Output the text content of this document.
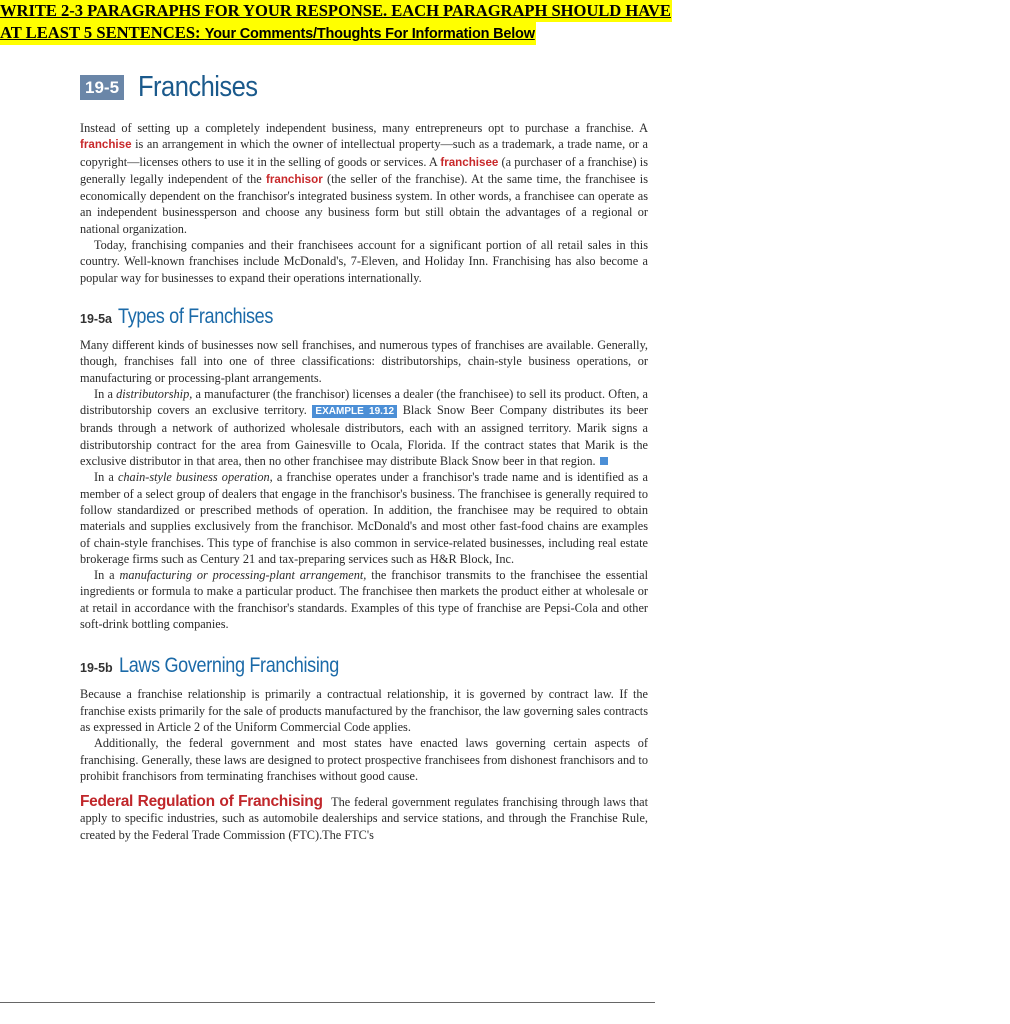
WRITE 2-3 PARAGRAPHS FOR YOUR RESPONSE. EACH PARAGRAPH SHOULD HAVE
AT LEAST 5 SENTENCES: Your Comments/Thoughts For Information Below
19-5 Franchises

Instead of setting up a completely independent business, many entrepreneurs opt to purchase a franchise. A franchise is an arrangement in which the owner of intellectual property—such as a trademark, a trade name, or a copyright—licenses others to use it in the selling of goods or services. A franchisee (a purchaser of a franchise) is generally legally independent of the franchisor (the seller of the franchise). At the same time, the franchisee is economically dependent on the franchisor's integrated business system. In other words, a franchisee can operate as an independent businessperson and choose any business form but still obtain the advantages of a regional or national organization.

Today, franchising companies and their franchisees account for a significant portion of all retail sales in this country. Well-known franchises include McDonald's, 7-Eleven, and Holiday Inn. Franchising has also become a popular way for businesses to expand their operations internationally.

19-5a Types of Franchises

Many different kinds of businesses now sell franchises, and numerous types of franchises are available. Generally, though, franchises fall into one of three classifications: distributorships, chain-style business operations, or manufacturing or processing-plant arrangements.

In a distributorship, a manufacturer (the franchisor) licenses a dealer (the franchisee) to sell its product. Often, a distributorship covers an exclusive territory. EXAMPLE 19.12 Black Snow Beer Company distributes its beer brands through a network of authorized wholesale distributors, each with an assigned territory. Marik signs a distributorship contract for the area from Gainesville to Ocala, Florida. If the contract states that Marik is the exclusive distributor in that area, then no other franchisee may distribute Black Snow beer in that region.

In a chain-style business operation, a franchise operates under a franchisor's trade name and is identified as a member of a select group of dealers that engage in the franchisor's business. The franchisee is generally required to follow standardized or prescribed methods of operation. In addition, the franchisee may be required to obtain materials and supplies exclusively from the franchisor. McDonald's and most other fast-food chains are examples of chain-style franchises. This type of franchise is also common in service-related businesses, including real estate brokerage firms such as Century 21 and tax-preparing services such as H&R Block, Inc.

In a manufacturing or processing-plant arrangement, the franchisor transmits to the franchisee the essential ingredients or formula to make a particular product. The franchisee then markets the product either at wholesale or at retail in accordance with the franchisor's standards. Examples of this type of franchise are Pepsi-Cola and other soft-drink bottling companies.

19-5b Laws Governing Franchising

Because a franchise relationship is primarily a contractual relationship, it is governed by contract law. If the franchise exists primarily for the sale of products manufactured by the franchisor, the law governing sales contracts as expressed in Article 2 of the Uniform Commercial Code applies.

Additionally, the federal government and most states have enacted laws governing certain aspects of franchising. Generally, these laws are designed to protect prospective franchisees from dishonest franchisors and to prohibit franchisors from terminating franchises without good cause.

Federal Regulation of Franchising The federal government regulates franchising through laws that apply to specific industries, such as automobile dealerships and service stations, and through the Franchise Rule, created by the Federal Trade Commission (FTC).The FTC's
